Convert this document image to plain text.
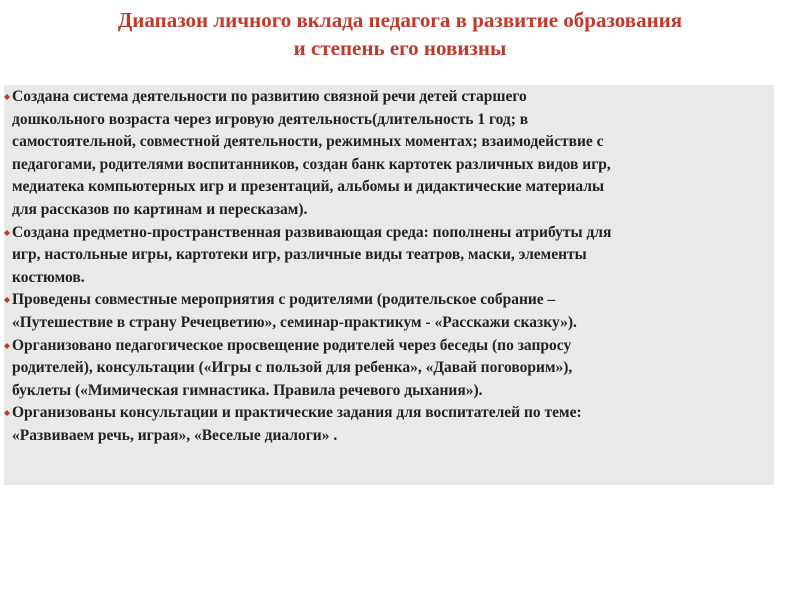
Диапазон личного вклада педагога в развитие образования
и степень его новизны
Создана система деятельности по развитию связной речи детей старшего
дошкольного возраста через игровую деятельность(длительность 1 год; в
самостоятельной, совместной деятельности, режимных моментах; взаимодействие с
педагогами, родителями воспитанников, создан банк картотек различных видов игр,
медиатека компьютерных игр и презентаций, альбомы и дидактические материалы
для рассказов по картинам и пересказам).
Создана предметно-пространственная развивающая среда: пополнены атрибуты для
игр, настольные игры, картотеки игр, различные виды театров, маски, элементы
костюмов.
Проведены совместные мероприятия с родителями (родительское собрание –
«Путешествие в страну Речецветию», семинар-практикум - «Расскажи сказку»).
Организовано педагогическое просвещение родителей через беседы (по запросу
родителей), консультации («Игры с пользой для ребенка», «Давай поговорим»),
буклеты («Мимическая гимнастика. Правила речевого дыхания»).
Организованы консультации и практические задания для воспитателей по теме:
«Развиваем речь, играя», «Веселые диалоги» .
